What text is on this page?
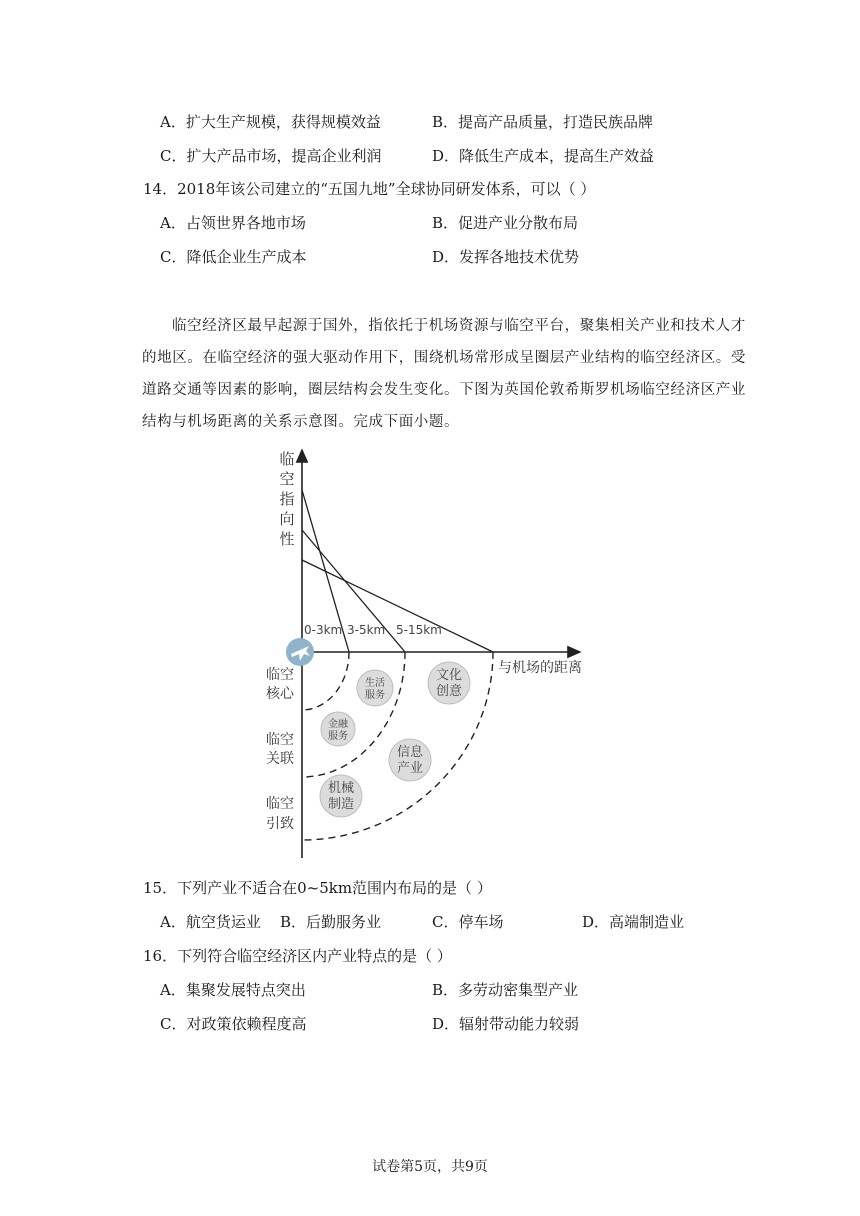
A．扩大生产规模，获得规模效益	B．提高产品质量，打造民族品牌
C．扩大产品市场，提高企业利润	D．降低生产成本，提高生产效益
14．2018年该公司建立的“五国九地”全球协同研发体系，可以（ ）
A．占领世界各地市场	B．促进产业分散布局
C．降低企业生产成本	D．发挥各地技术优势
临空经济区最早起源于国外，指依托于机场资源与临空平台，聚集相关产业和技术人才的地区。在临空经济的强大驱动作用下，围绕机场常形成呈圈层产业结构的临空经济区。受道路交通等因素的影响，圈层结构会发生变化。下图为英国伦敦希斯罗机场临空经济区产业结构与机场距离的关系示意图。完成下面小题。
临
空
指
向
性
0-3km 3-5km 5-15km
与机场的距离
临空
核心
临空
关联
临空
引致
生活
服务
文化
创意
金融
服务
信息
产业
机械
制造
15．下列产业不适合在0~5km范围内布局的是（ ）
A．航空货运业 B．后勤服务业	C．停车场	D．高端制造业
16．下列符合临空经济区内产业特点的是（ ）
A．集聚发展特点突出	B．多劳动密集型产业
C．对政策依赖程度高	D．辐射带动能力较弱
试卷第5页，共9页
